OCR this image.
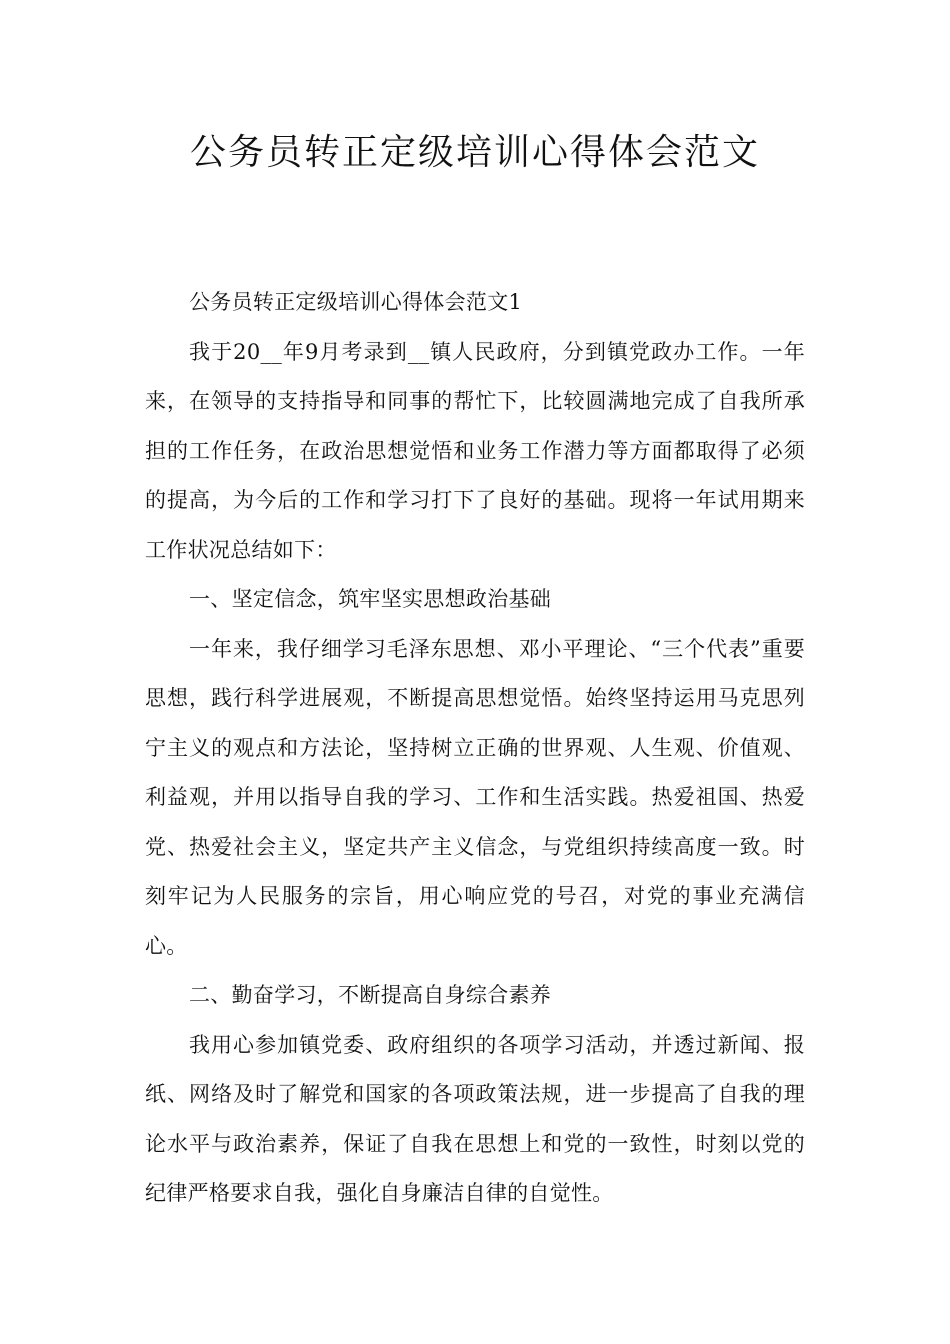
公务员转正定级培训心得体会范文

公务员转正定级培训心得体会范文1

我于20__年9月考录到__镇人民政府，分到镇党政办工作。一年来，在领导的支持指导和同事的帮忙下，比较圆满地完成了自我所承担的工作任务，在政治思想觉悟和业务工作潜力等方面都取得了必须的提高，为今后的工作和学习打下了良好的基础。现将一年试用期来工作状况总结如下：

一、坚定信念，筑牢坚实思想政治基础

一年来，我仔细学习毛泽东思想、邓小平理论、“三个代表”重要思想，践行科学进展观，不断提高思想觉悟。始终坚持运用马克思列宁主义的观点和方法论，坚持树立正确的世界观、人生观、价值观、利益观，并用以指导自我的学习、工作和生活实践。热爱祖国、热爱党、热爱社会主义，坚定共产主义信念，与党组织持续高度一致。时刻牢记为人民服务的宗旨，用心响应党的号召，对党的事业充满信心。

二、勤奋学习，不断提高自身综合素养

我用心参加镇党委、政府组织的各项学习活动，并透过新闻、报纸、网络及时了解党和国家的各项政策法规，进一步提高了自我的理论水平与政治素养，保证了自我在思想上和党的一致性，时刻以党的纪律严格要求自我，强化自身廉洁自律的自觉性。
